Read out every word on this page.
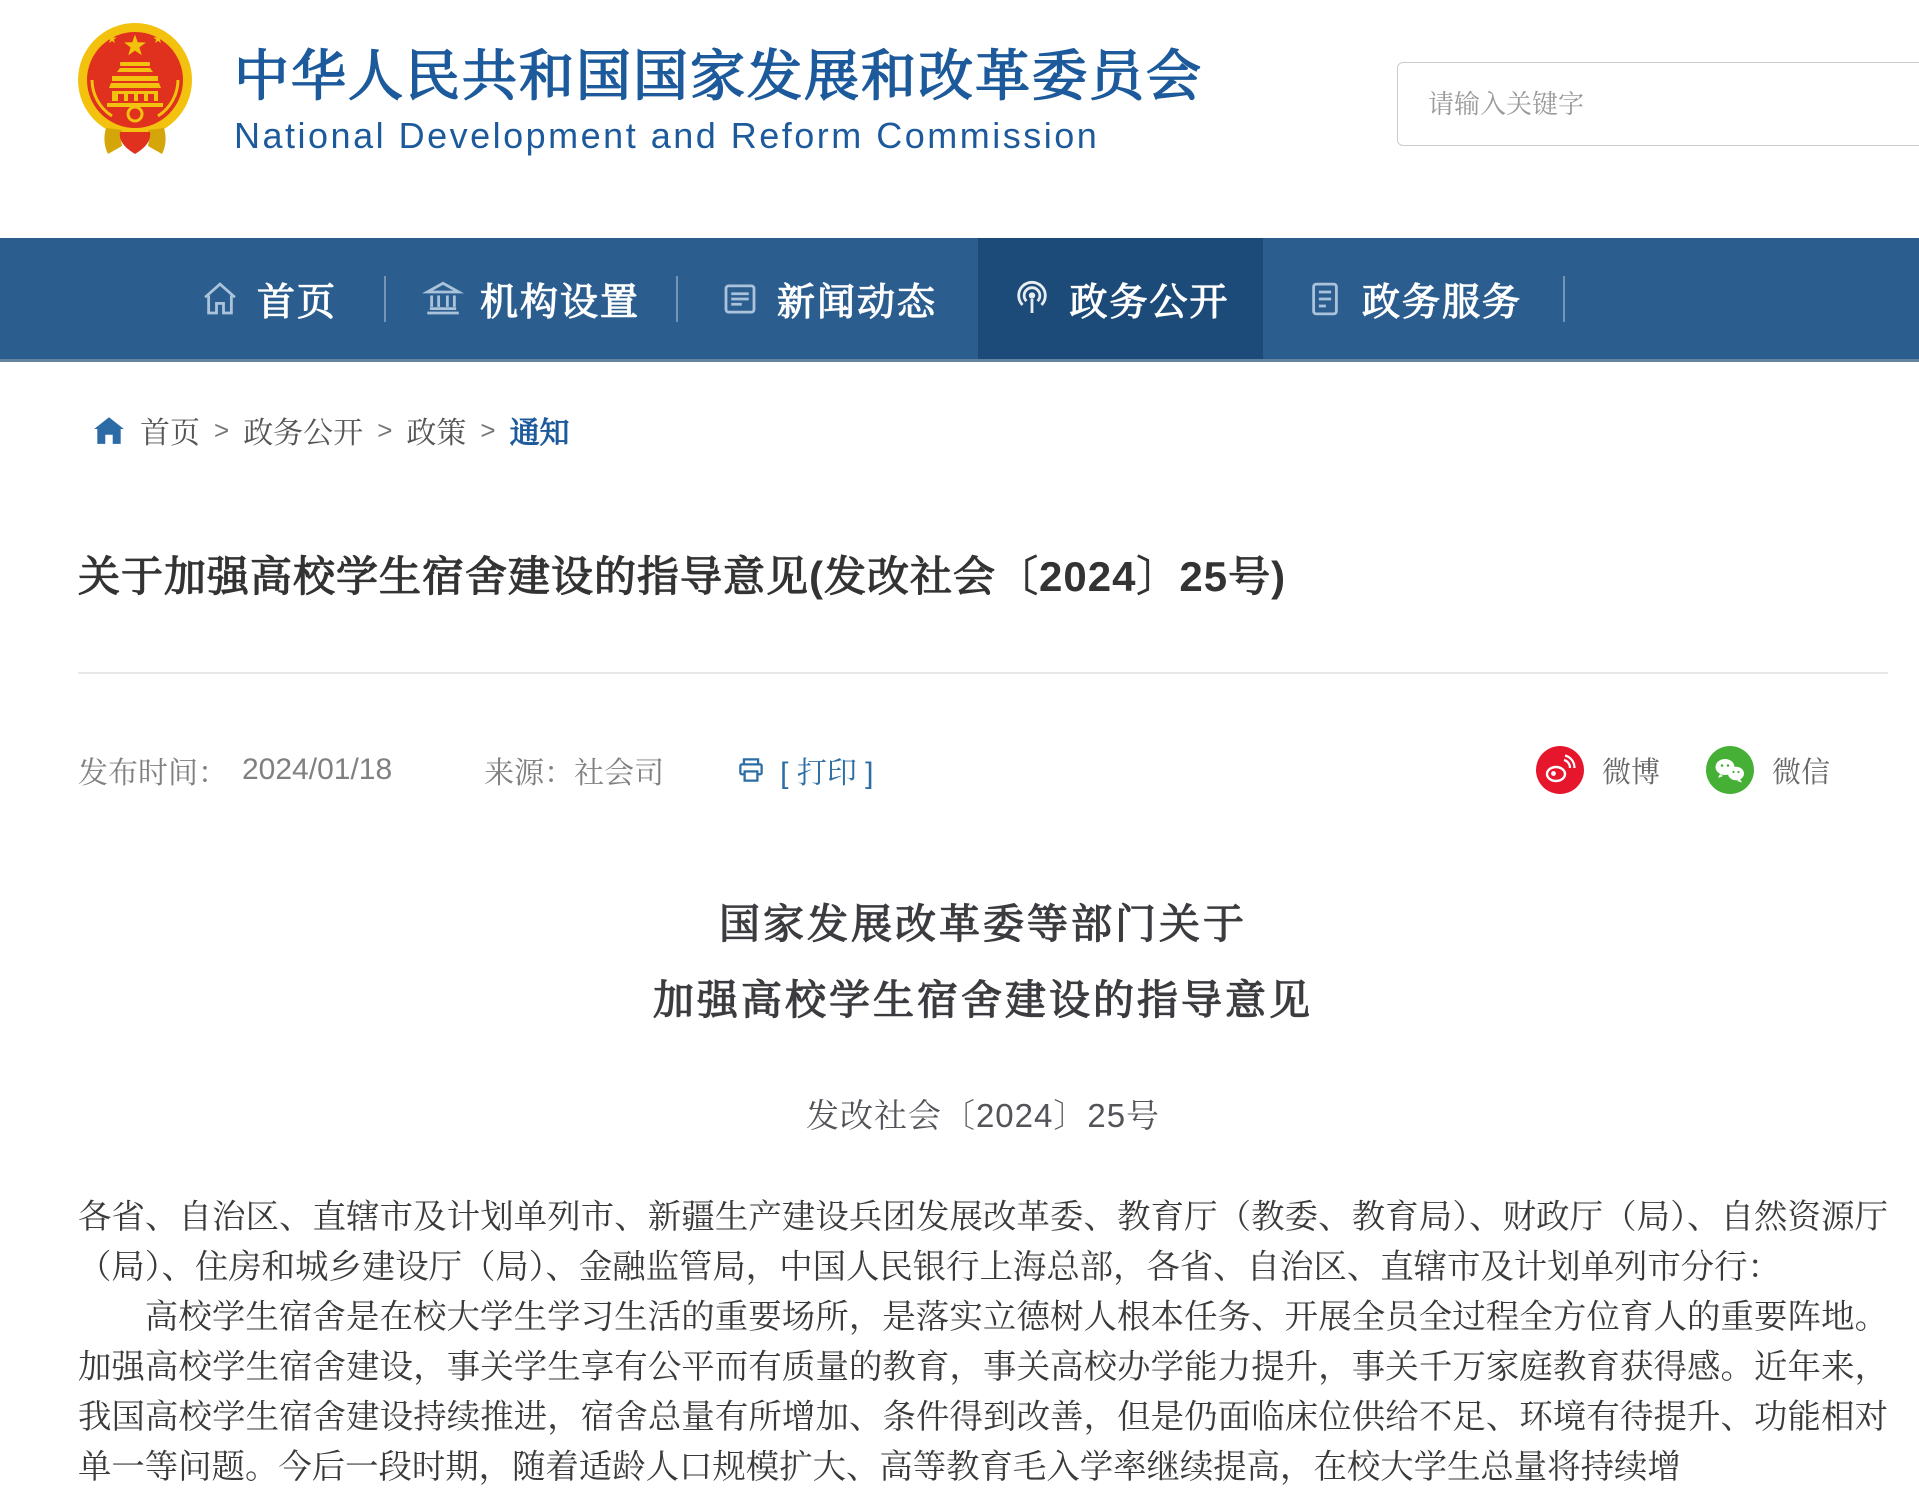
中华人民共和国国家发展和改革委员会
National Development and Reform Commission
请输入关键字
首页	机构设置	新闻动态	政务公开	政务服务
首页 > 政务公开 > 政策 > 通知
关于加强高校学生宿舍建设的指导意见(发改社会〔2024〕25号)
发布时间： 2024/01/18	来源： 社会司	[ 打印 ]	微博	微信
国家发展改革委等部门关于
加强高校学生宿舍建设的指导意见
发改社会〔2024〕25号

各省、自治区、直辖市及计划单列市、新疆生产建设兵团发展改革委、教育厅（教委、教育局）、财政厅（局）、自然资源厅（局）、住房和城乡建设厅（局）、金融监管局，中国人民银行上海总部，各省、自治区、直辖市及计划单列市分行：

高校学生宿舍是在校大学生学习生活的重要场所，是落实立德树人根本任务、开展全员全过程全方位育人的重要阵地。加强高校学生宿舍建设，事关学生享有公平而有质量的教育，事关高校办学能力提升，事关千万家庭教育获得感。近年来，我国高校学生宿舍建设持续推进，宿舍总量有所增加、条件得到改善，但是仍面临床位供给不足、环境有待提升、功能相对单一等问题。今后一段时期，随着适龄人口规模扩大、高等教育毛入学率继续提高，在校大学生总量将持续增
